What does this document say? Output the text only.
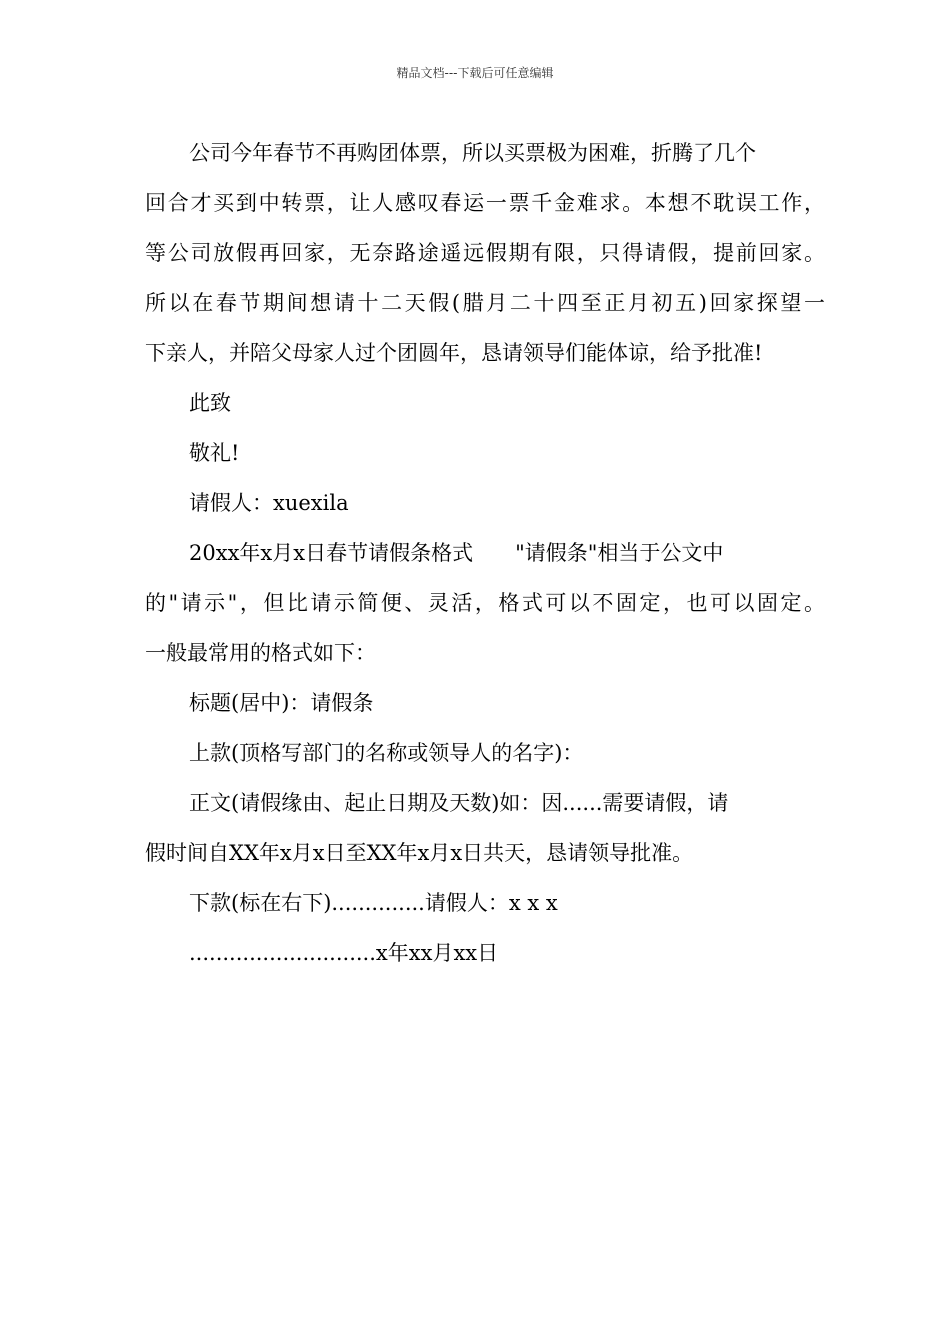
精品文档---下载后可任意编辑
公司今年春节不再购团体票，所以买票极为困难，折腾了几个
回合才买到中转票，让人感叹春运一票千金难求。本想不耽误工作，
等公司放假再回家，无奈路途遥远假期有限，只得请假，提前回家。
所以在春节期间想请十二天假(腊月二十四至正月初五)回家探望一
下亲人，并陪父母家人过个团圆年，恳请领导们能体谅，给予批准!
此致
敬礼!
请假人：xuexila
20xx年x月x日春节请假条格式　　"请假条"相当于公文中
的"请示"，但比请示简便、灵活，格式可以不固定，也可以固定。
一般最常用的格式如下：
标题(居中)：请假条
上款(顶格写部门的名称或领导人的名字)：
正文(请假缘由、起止日期及天数)如：因......需要请假，请
假时间自XX年x月x日至XX年x月x日共天，恳请领导批准。
下款(标在右下)..............请假人：x x x
............................x年xx月xx日
